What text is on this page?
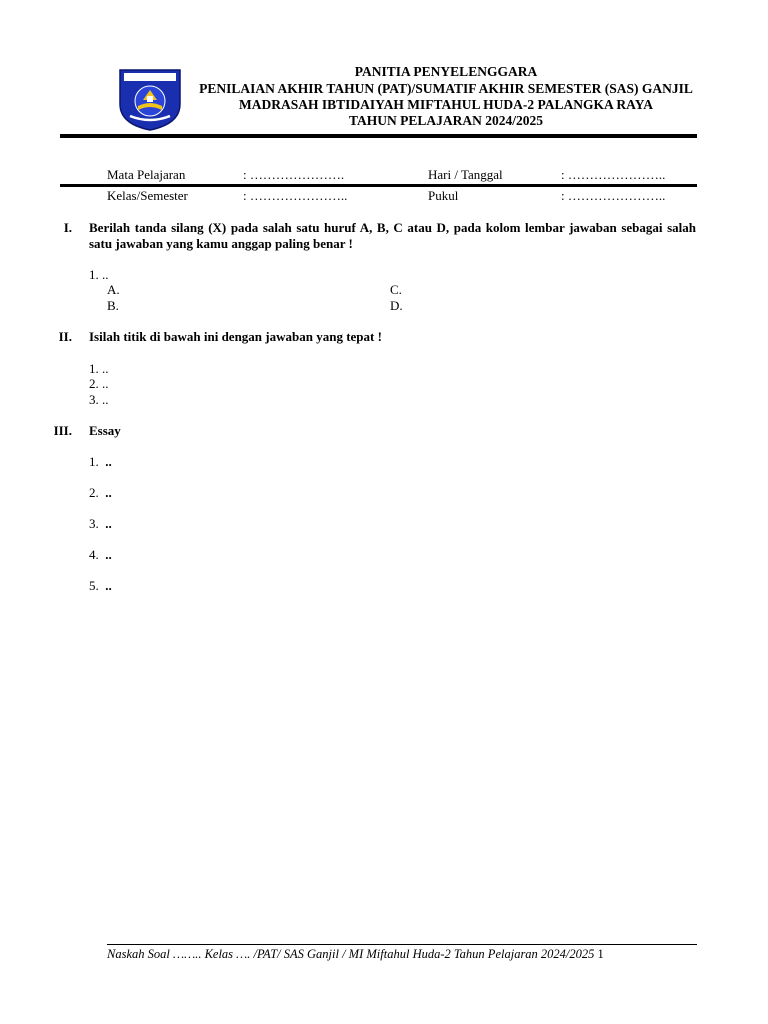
PANITIA PENYELENGGARA
PENILAIAN AKHIR TAHUN (PAT)/SUMATIF AKHIR SEMESTER (SAS) GANJIL
MADRASAH IBTIDAIYAH MIFTAHUL HUDA-2 PALANGKA RAYA
TAHUN PELAJARAN 2024/2025
Mata Pelajaran	: ………………….	Hari / Tanggal	: …………………..
Kelas/Semester	: …………………..	Pukul	: …………………..
I. Berilah tanda silang (X) pada salah satu huruf A, B, C atau D, pada kolom lembar jawaban sebagai salah satu jawaban yang kamu anggap paling benar !
1. ..
A.	C.
B.	D.
II. Isilah titik di bawah ini dengan jawaban yang tepat !
1. ..
2. ..
3. ..
III. Essay
1. ..
2. ..
3. ..
4. ..
5. ..
Naskah Soal …….. Kelas …. /PAT/ SAS Ganjil / MI Miftahul Huda-2 Tahun Pelajaran 2024/2025 1
